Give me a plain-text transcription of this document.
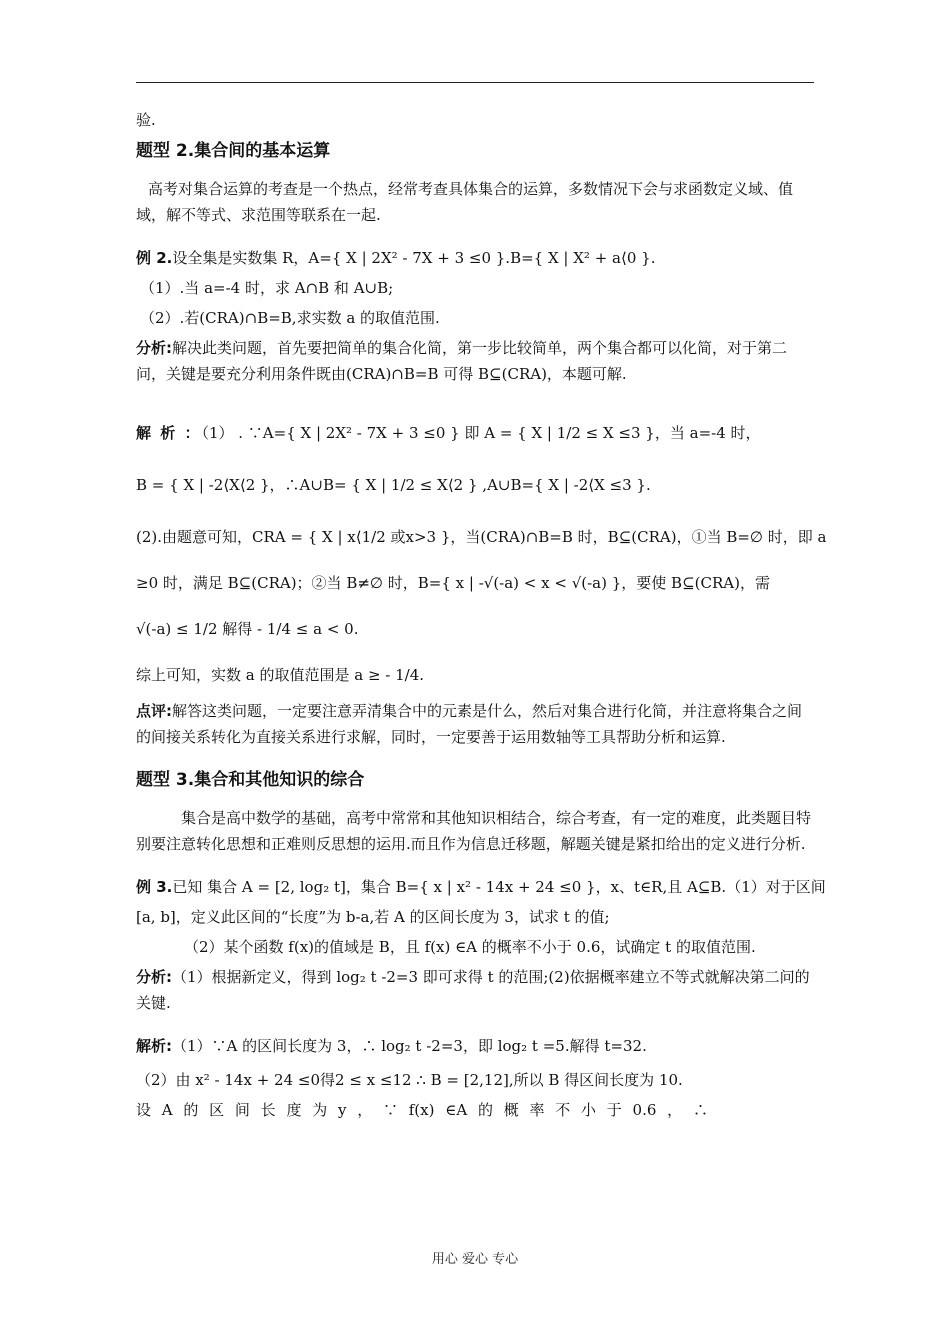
验.

题型 2.集合间的基本运算

高考对集合运算的考查是一个热点，经常考查具体集合的运算，多数情况下会与求函数定义域、值域，解不等式、求范围等联系在一起.

例 2.设全集是实数集 R，A={ X | 2X² - 7X + 3 ≤0 }.B={ X | X² + a⟨0 }.

（1）.当 a=-4 时，求 A∩B 和 A∪B;

（2）.若(CRA)∩B=B,求实数 a 的取值范围.

分析:解决此类问题，首先要把简单的集合化简，第一步比较简单，两个集合都可以化简，对于第二问，关键是要充分利用条件既由(CRA)∩B=B 可得 B⊆(CRA)，本题可解.

解 析 ：（1） . ∵A={ X | 2X² - 7X + 3 ≤0 } 即 A = { X | 1/2 ≤ X ≤3 }，当 a=-4 时，

B = { X | -2⟨X⟨2 }，∴A∪B= { X | 1/2 ≤ X⟨2 } ,A∪B={ X | -2⟨X ≤3 }.

(2).由题意可知，CRA = { X | x⟨1/2 或x>3 }，当(CRA)∩B=B 时，B⊆(CRA)，①当 B=∅ 时，即 a

≥0 时，满足 B⊆(CRA)；②当 B≠∅ 时，B={ x | -√(-a) < x < √(-a) }，要使 B⊆(CRA)，需

√(-a) ≤ 1/2 解得 - 1/4 ≤ a < 0.

综上可知，实数 a 的取值范围是 a ≥ - 1/4.

点评:解答这类问题，一定要注意弄清集合中的元素是什么，然后对集合进行化简，并注意将集合之间的间接关系转化为直接关系进行求解，同时，一定要善于运用数轴等工具帮助分析和运算.

题型 3.集合和其他知识的综合

集合是高中数学的基础，高考中常常和其他知识相结合，综合考查，有一定的难度，此类题目特别要注意转化思想和正难则反思想的运用.而且作为信息迁移题，解题关键是紧扣给出的定义进行分析.

例 3.已知 集合 A = [2, log₂ t]，集合 B={ x | x² - 14x + 24 ≤0 }，x、t∈R,且 A⊆B.（1）对于区间

[a, b]，定义此区间的“长度”为 b-a,若 A 的区间长度为 3，试求 t 的值;

（2）某个函数 f(x)的值域是 B，且 f(x) ∈A 的概率不小于 0.6，试确定 t 的取值范围.

分析:（1）根据新定义，得到 log₂ t -2=3 即可求得 t 的范围;(2)依据概率建立不等式就解决第二问的关键.

解析:（1）∵A 的区间长度为 3，∴ log₂ t -2=3，即 log₂ t =5.解得 t=32.

（2）由 x² - 14x + 24 ≤0得2 ≤ x ≤12 ∴ B = [2,12],所以 B 得区间长度为 10.

设 A 的 区 间 长 度 为 y ， ∵ f(x) ∈A 的 概 率 不 小 于 0.6 ， ∴

用心 爱心 专心
